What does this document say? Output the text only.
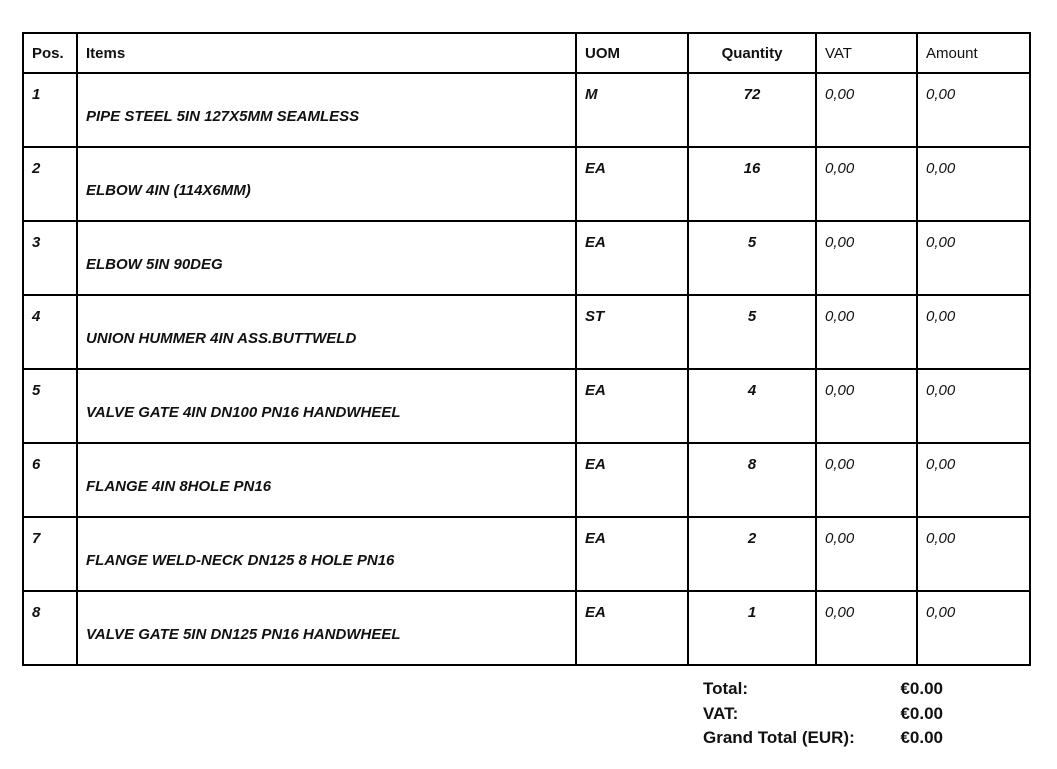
Pos.	Items	UOM	Quantity	VAT	Amount
1	PIPE STEEL 5IN 127X5MM SEAMLESS	M	72	0,00	0,00
2	ELBOW 4IN (114X6MM)	EA	16	0,00	0,00
3	ELBOW 5IN 90DEG	EA	5	0,00	0,00
4	UNION HUMMER 4IN ASS.BUTTWELD	ST	5	0,00	0,00
5	VALVE GATE 4IN DN100 PN16 HANDWHEEL	EA	4	0,00	0,00
6	FLANGE 4IN 8HOLE PN16	EA	8	0,00	0,00
7	FLANGE WELD-NECK DN125 8 HOLE PN16	EA	2	0,00	0,00
8	VALVE GATE 5IN DN125 PN16 HANDWHEEL	EA	1	0,00	0,00
Total:	€0.00
VAT:	€0.00
Grand Total (EUR):	€0.00
